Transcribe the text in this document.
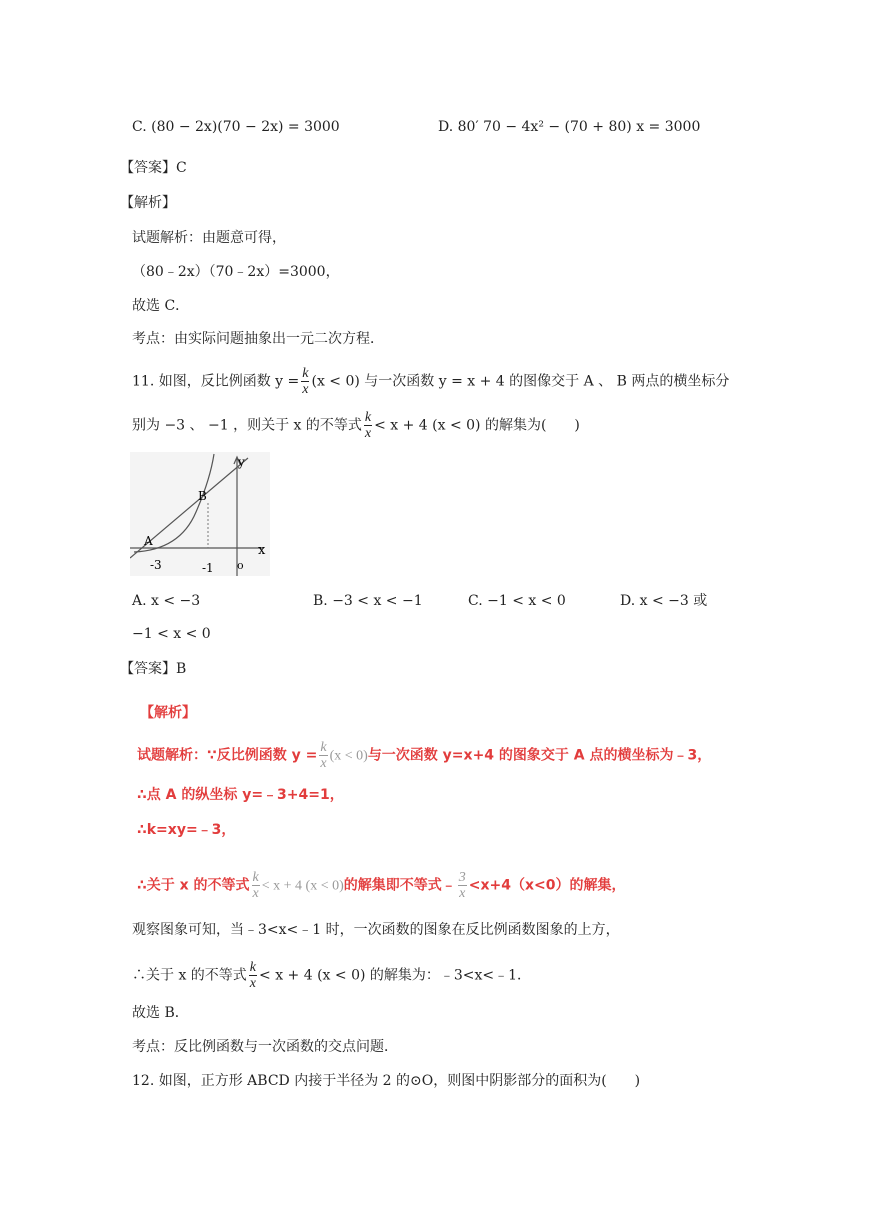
C. (80 − 2x)(70 − 2x) = 3000	D. 80′ 70 − 4x² − (70 + 80) x = 3000
【答案】C
【解析】
试题解析：由题意可得，
（80﹣2x）（70﹣2x）=3000，
故选 C．
考点：由实际问题抽象出一元二次方程．
11. 如图，反比例函数 $y = \frac{k}{x} (x < 0)$ 与一次函数 y = x + 4 的图像交于 A 、 B 两点的横坐标分
别为 −3 、 −1 ，则关于 x 的不等式 $\frac{k}{x} < x + 4$ (x < 0) 的解集为(　　)
y
x
A
B
-3	-1 o
A. x < −3	B. −3 < x < −1	C. −1 < x < 0	D. x < −3 或
−1 < x < 0
【答案】B
【解析】
试题解析：∵反比例函数 $y = \frac{k}{x} (x < 0)$与一次函数 y=x+4 的图象交于 A 点的横坐标为﹣3，
∴点 A 的纵坐标 y=﹣3+4=1，
∴k=xy=﹣3，
∴关于 x 的不等式 $\frac{k}{x} < x + 4$ (x < 0)的解集即不等式﹣ $\frac{3}{x} <x+4(x<0)$的解集，
观察图象可知，当﹣3<x<﹣1 时，一次函数的图象在反比例函数图象的上方，
∴关于 x 的不等式 $\frac{k}{x} < x + 4$ (x < 0) 的解集为：﹣3<x<﹣1．
故选 B．
考点：反比例函数与一次函数的交点问题．
12. 如图，正方形 ABCD 内接于半径为 2 的⊙O，则图中阴影部分的面积为(　　)
